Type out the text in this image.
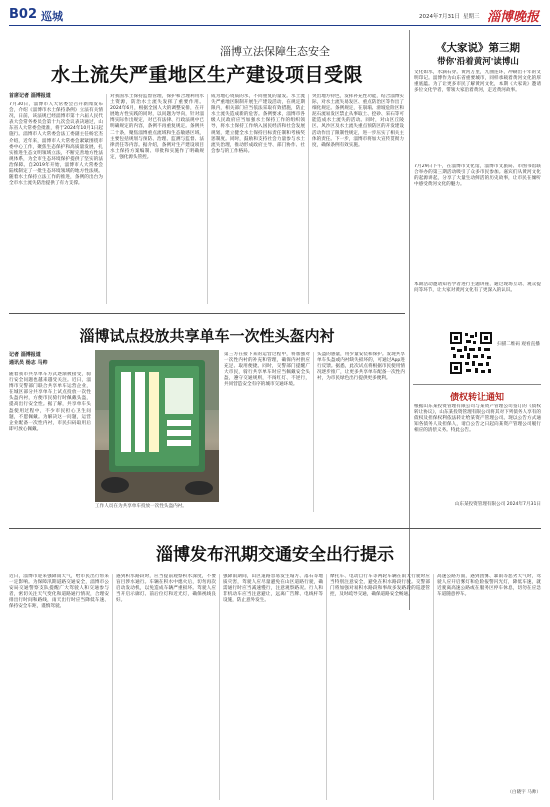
B02 巡城	2024年7月31日 星期三 淄博晚报
淄博立法保障生态安全
水土流失严重地区生产建设项目受限
首席记者 淄博报道
7月30日，淄博市人大常委会召开新闻发布会，介绍《淄博市水土保持条例》立法有关情况，日前，该法规已经淄博市第十六届人民代表大会常务委员会第十九次会议表决通过，山东省人大常委会批准，将于2024年10月1日起施行。淄博市人大常委会法工委副主任杨宏杰介绍，近年来，淄博市人大常委会紧紧围绕市委中心工作，聚焦生态保护和高质量发展，扎实推进生态文明领域立法，不断完善地方性法规体系，为全市生态环境保护提供了坚实的法治保障。自2019年开始，淄博市人大常委会陆续制定了一批生态环境领域的地方性法规。随着水土保持立法工作的推进，条例的出台为全市水土流失防治提供了有力支撑。
对我国水土保持监督管理，保护和合理利用水土资源，防治水土流失发挥了重要作用。2024年6月，根据全国人大的调整安排，在开展地方性实践的同时，以问题为导向，针对淄博实际作出规定，对已有法律、行政法规中已明确规定的内容，条例不再重复规定。条例共二十条，聚焦淄博重点流域和生态敏感区域，主要包括规划与预防、治理、监测与监督、法律责任等内容。据介绍，条例对生产建设项目水土保持方案编制、审批和实施作了明确规定，强化源头管控。
成为地心资质的水，不同重复的量发。水土流失严重地区限制开展生产建设活动，在规定期限内，相关部门应当依法采取有效措施，防止水土流失造成新的危害。条例要求，淄博市各级人民政府应当加强水土保持工作的组织领导，将水土保持工作纳入国民经济和社会发展规划，建立健全水土保持目标责任制和考核奖惩制度。同时，鼓励和支持社会力量参与水土流失治理，推动形成政府主导、部门协作、社会参与的工作格局。
突出地方特色，发挥补充性功能，结合淄博实际，对水土流失易发区、重点防治区等作出了细化规定。条例规定，在崩塌、滑坡危险区和泥石流易发区禁止从事取土、挖砂、采石等可能造成水土流失的活动。同时，对山区丘陵区、风沙区及水土流失重点预防区的开发建设活动作出了限制性规定，进一步压实了相关主体的责任。下一步，淄博市将加大宣传贯彻力度，确保条例有效实施。
《大家说》第三期
带你'沿着黄河'读博山
文化如水，水滴石穿。黄河万里，九曲连环，冲刷出千年的文明印记。淄博作为山东省重要城市，同样承载着黄河文化的厚重底蕴。为了让更多市民了解黄河文化，本期《大家说》邀请多位文化学者，带领大家沿着黄河，走近黄河故事。
7月29日下午，在淄博市文化馆，淄博市文旅局、市图书馆联合举办的第三期活动吸引了众多市民参加。嘉宾们从黄河文化的起源讲起，分享了大量生动鲜活的历史故事，让市民在倾听中感受黄河文化的魅力。
本期活动邀请知名学者进行主题讲座，通过现场互动、观众提问等环节，让大家对黄河文化有了更深入的认识。
扫描二维码 观看直播
债权转让通知
根据山东某投资管理有限公司与某资产管理公司签订的《债权转让协议》，山东某投资管理有限公司将其对下列债务人享有的债权及担保权利依法转让给某资产管理公司。现以公告方式通知各债务人及担保人，请自公告之日起向某资产管理公司履行相应的清偿义务。特此公告。
山东某投资管理有限公司 2024年7月31日
淄博试点投放共享单车一次性头盔内衬
记者 淄博报道
通讯员 杨志 马帅
随着我市共享单车方式逐渐被接受，骑行安全问题也越来越受关注。近日，淄博市交警部门联合共享单车运营企业，在城区部分共享单车上试点投放一次性头盔内衬，方便市民骑行时佩戴头盔，提高出行安全性。据了解，共享单车头盔使用过程中，不少市民担心卫生问题，不愿佩戴。为解决这一问题，运营企业配备一次性内衬，市民扫码取用后即可放心佩戴。
工作人员在为共享单车投放一次性头盔内衬。
第三方在接下来的运营过程中，将加强对一次性内衬的补充和管理，确保内衬供应充足、取用便捷。同时，交警部门提醒广大市民，骑行共享单车时应当佩戴安全头盔，遵守交通规则，不闯红灯、不逆行，共同营造安全有序的城市交通环境。
头盔的感量，用少量安装和保护。发现共享单车头盔或内衬缺失损坏的，可通过App进行反馈。据悉，此次试点将根据市民使用情况逐步推广，让更多共享单车配备一次性内衬，为市民绿色出行提供更多便利。
淄博发布汛期交通安全出行提示
近日，淄博市迎来强降雨天气，给市民出行带来一定影响。为保障汛期道路交通安全，淄博市公安局交通警察支队提醒广大驾驶人和交通参与者，密切关注天气变化和道路通行情况，合理安排出行时间和路线，雨天出行时应当降低车速、保持安全车距，谨慎驾驶。
遇到积水路段时，应当提前观察积水深度，不要盲目涉水通行。车辆在积水中熄火后，切勿再次启动发动机，以免造成车辆严重损坏。驾驶人应当开启示廓灯、前后位灯和近光灯，确保视线良好。
强降雨期间，山区道路容易发生塌方、落石等地质灾害，驾驶人应尽量避免在山区道路行驶，确需通行时应当减速慢行，注意观察路况。行人和非机动车应当注意避让，远离广告牌、电线杆等设施，防止意外发生。
摩托车、电动自行车等两轮车辆在雨天行驶时应当特别注意安全，避免在积水路段行驶。交警部门将加强对易积水路段和事故多发路段的巡逻管控，及时疏导交通，确保道路安全畅通。
高速公路方面，遇到团雾、暴雨等恶劣天气时，驾驶人应开启雾灯和危险报警闪光灯，降低车速，就近驶离高速公路或在服务区停车休息，切勿在应急车道随意停车。
（白晓宇 马帅）
